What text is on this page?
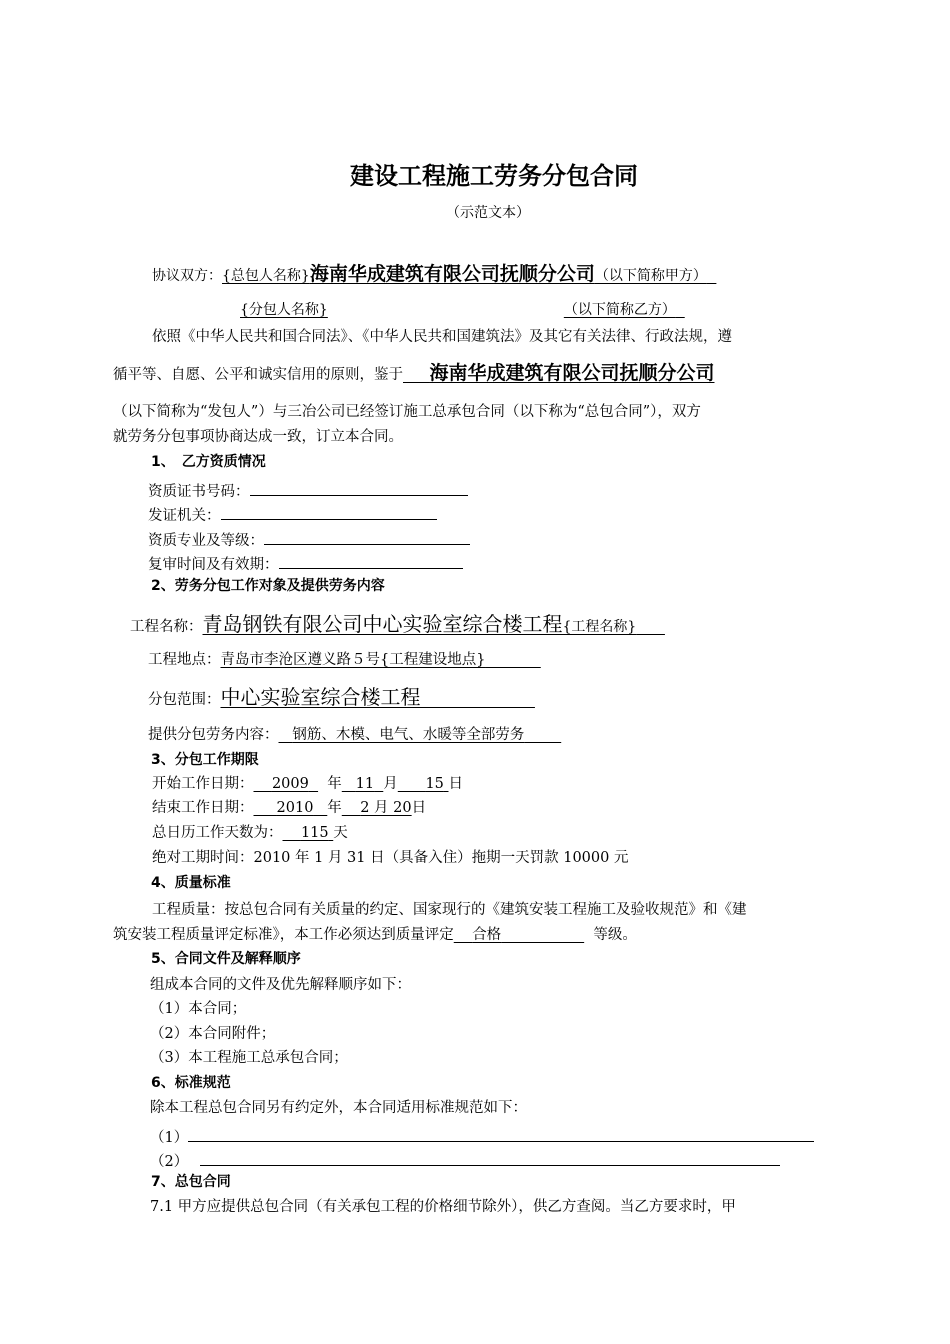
建设工程施工劳务分包合同
（示范文本）
协议双方：{总包人名称}海南华成建筑有限公司抚顺分公司（以下简称甲方）
{分包人名称}	（以下简称乙方）
依照《中华人民共和国合同法》、《中华人民共和国建筑法》及其它有关法律、行政法规，遵
循平等、自愿、公平和诚实信用的原则，鉴于 海南华成建筑有限公司抚顺分公司
（以下简称为“发包人”）与三冶公司已经签订施工总承包合同（以下称为“总包合同”），双方
就劳务分包事项协商达成一致，订立本合同。
1、　乙方资质情况
资质证书号码：
发证机关：
资质专业及等级：
复审时间及有效期：
2、劳务分包工作对象及提供劳务内容
工程名称：青岛钢铁有限公司中心实验室综合楼工程{工程名称}
工程地点：青岛市李沧区遵义路５号{工程建设地点}
分包范围：中心实验室综合楼工程
提供分包劳务内容： 钢筋、木模、电气、水暖等全部劳务
3、分包工作期限
开始工作日期： 2009 年 11 月 15 日
结束工作日期： 2010 年 2 月 20日
总日历工作天数为： 115 天
绝对工期时间：2010 年 1 月 31 日（具备入住）拖期一天罚款 10000 元
4、质量标准
工程质量：按总包合同有关质量的约定、国家现行的《建筑安装工程施工及验收规范》和《建
筑安装工程质量评定标准》，本工作必须达到质量评定 合格	等级。
5、合同文件及解释顺序
组成本合同的文件及优先解释顺序如下：
（1）本合同；
（2）本合同附件；
（3）本工程施工总承包合同；
6、标准规范
除本工程总包合同另有约定外，本合同适用标准规范如下：
（1）
（2）
7、总包合同
7.1 甲方应提供总包合同（有关承包工程的价格细节除外），供乙方查阅。当乙方要求时，甲
